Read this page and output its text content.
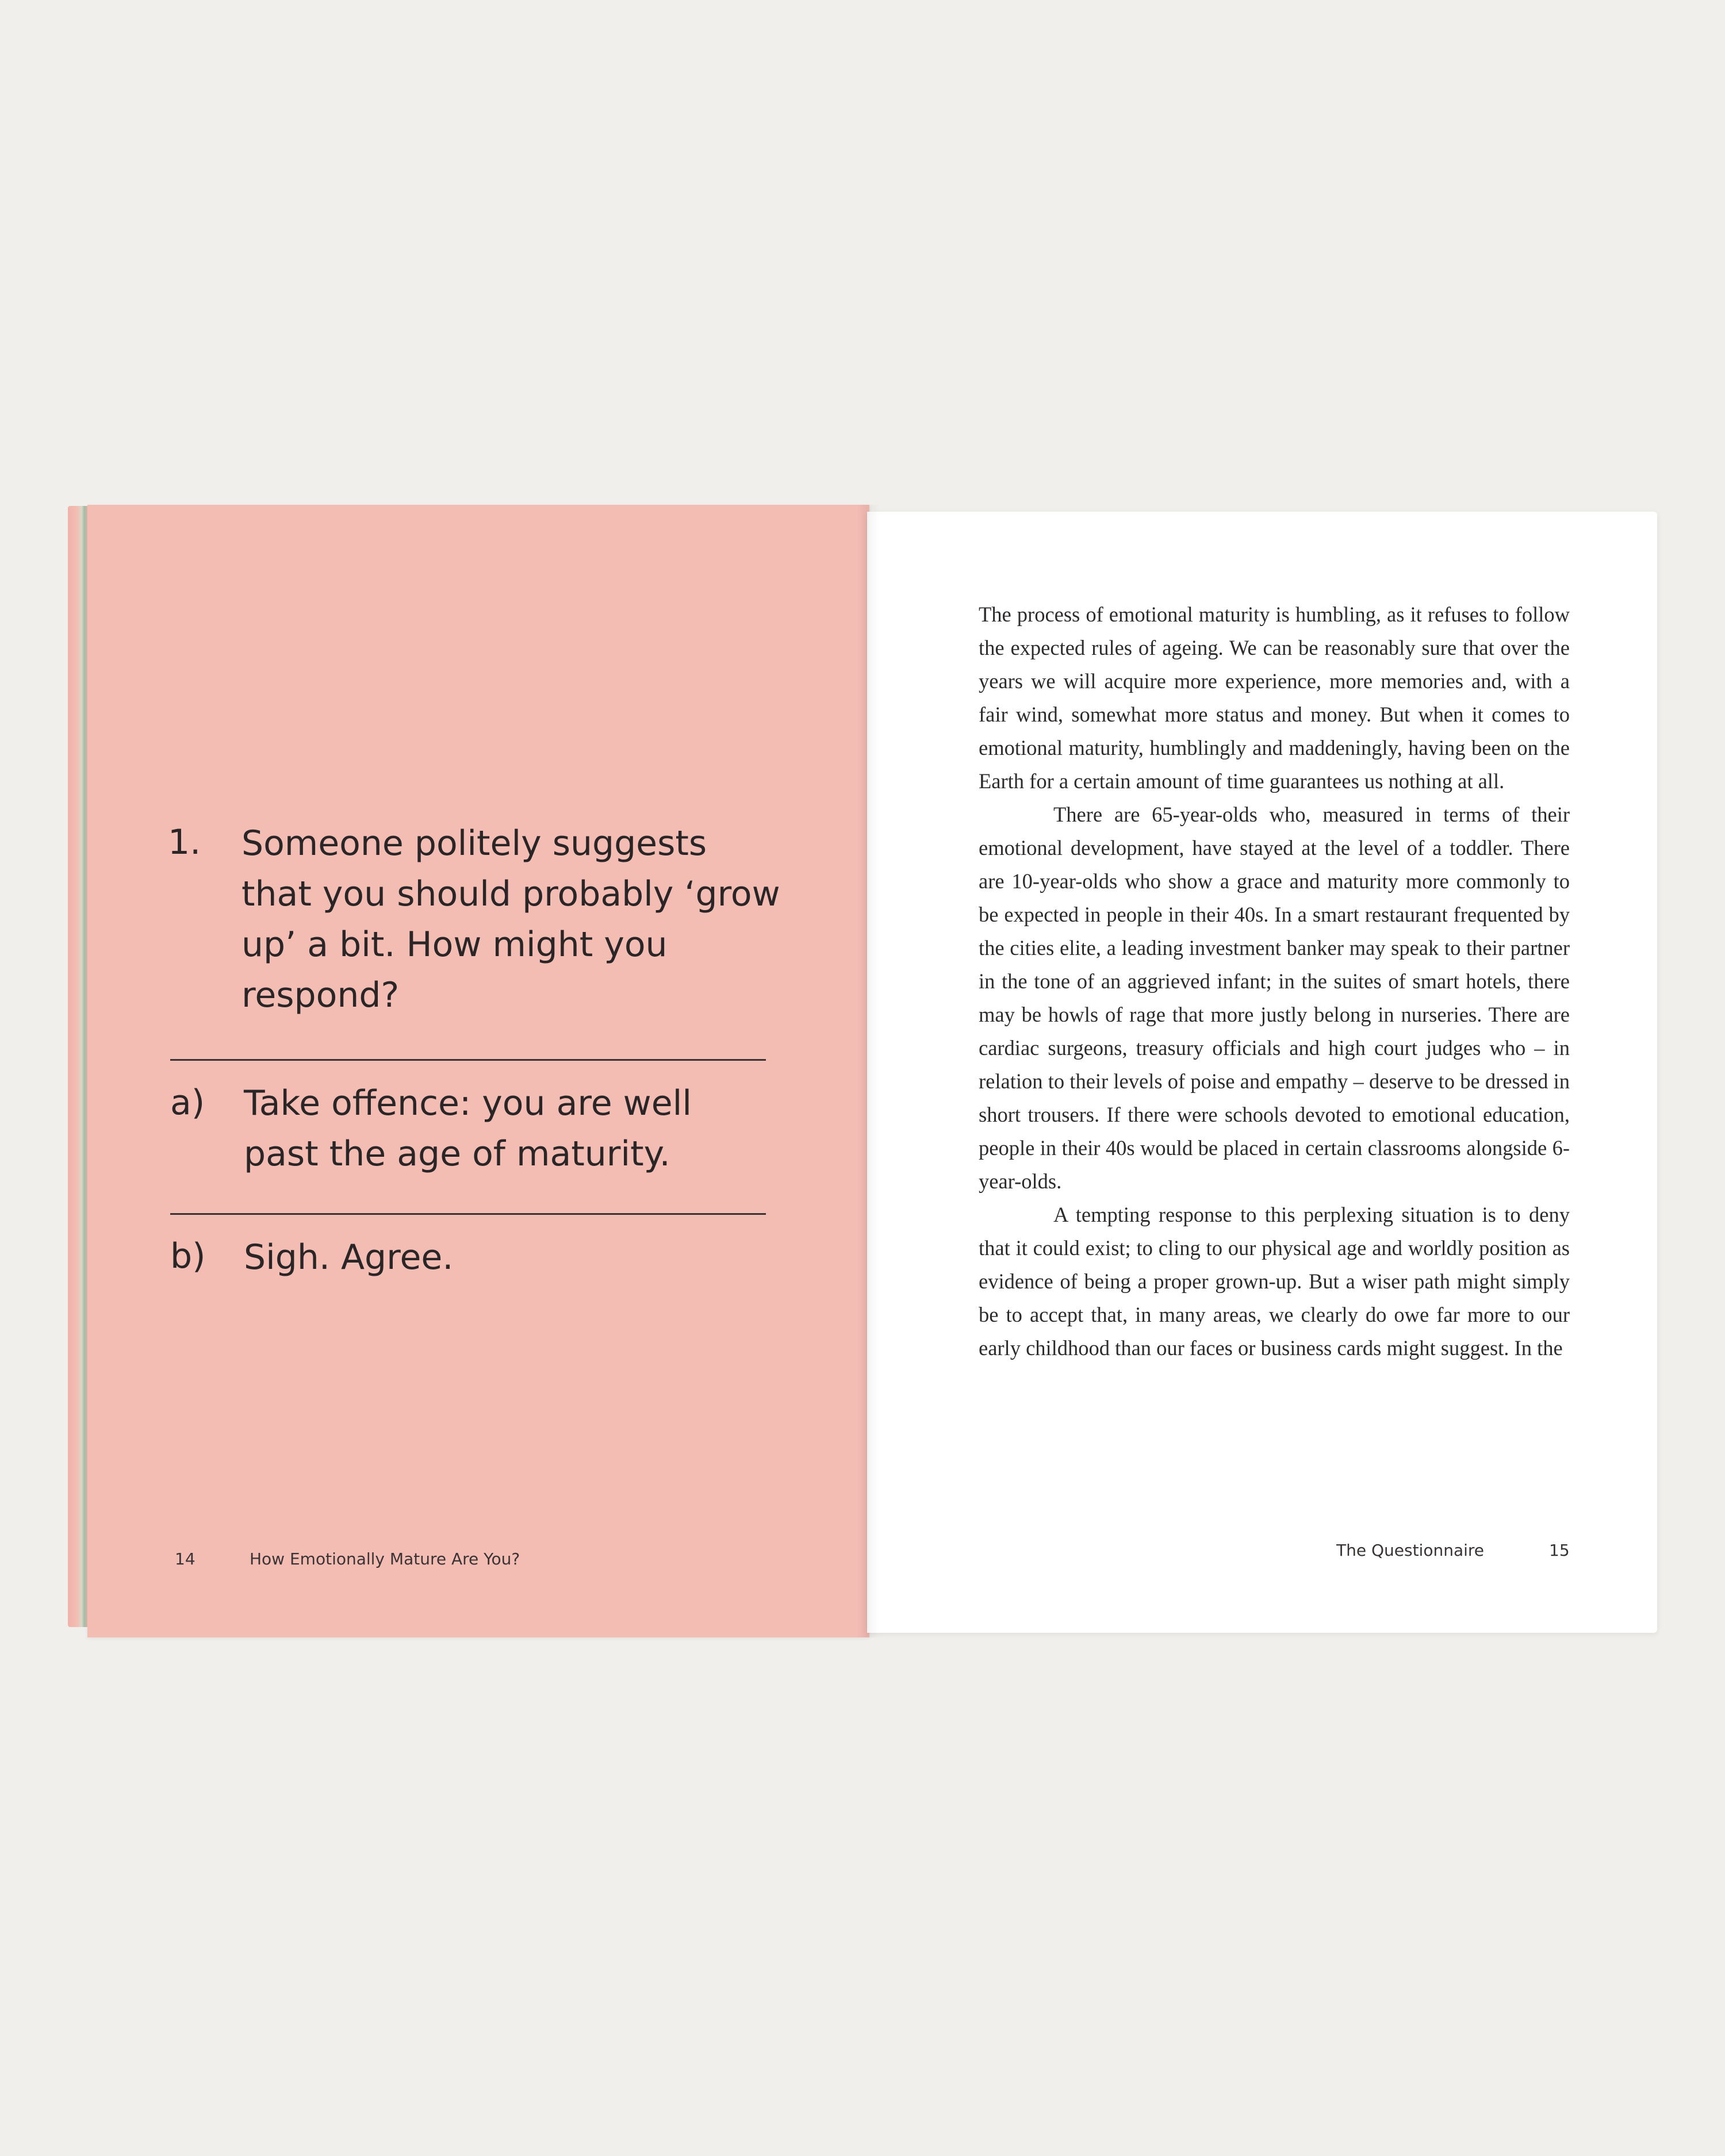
1. Someone politely suggests that you should probably ‘grow up’ a bit. How might you respond?
a) Take offence: you are well past the age of maturity.
b) Sigh. Agree.
14	How Emotionally Mature Are You?

The process of emotional maturity is humbling, as it refuses to follow the expected rules of ageing. We can be reasonably sure that over the years we will acquire more experience, more memories and, with a fair wind, somewhat more status and money. But when it comes to emotional maturity, humblingly and maddeningly, having been on the Earth for a certain amount of time guarantees us nothing at all.

There are 65-year-olds who, measured in terms of their emotional development, have stayed at the level of a toddler. There are 10-year-olds who show a grace and maturity more commonly to be expected in people in their 40s. In a smart restaurant frequented by the cities elite, a leading investment banker may speak to their partner in the tone of an aggrieved infant; in the suites of smart hotels, there may be howls of rage that more justly belong in nurseries. There are cardiac surgeons, treasury officials and high court judges who – in relation to their levels of poise and empathy – deserve to be dressed in short trousers. If there were schools devoted to emotional education, people in their 40s would be placed in certain classrooms alongside 6-year-olds.

A tempting response to this perplexing situation is to deny that it could exist; to cling to our physical age and worldly position as evidence of being a proper grown-up. But a wiser path might simply be to accept that, in many areas, we clearly do owe far more to our early childhood than our faces or business cards might suggest. In the

The Questionnaire	15
